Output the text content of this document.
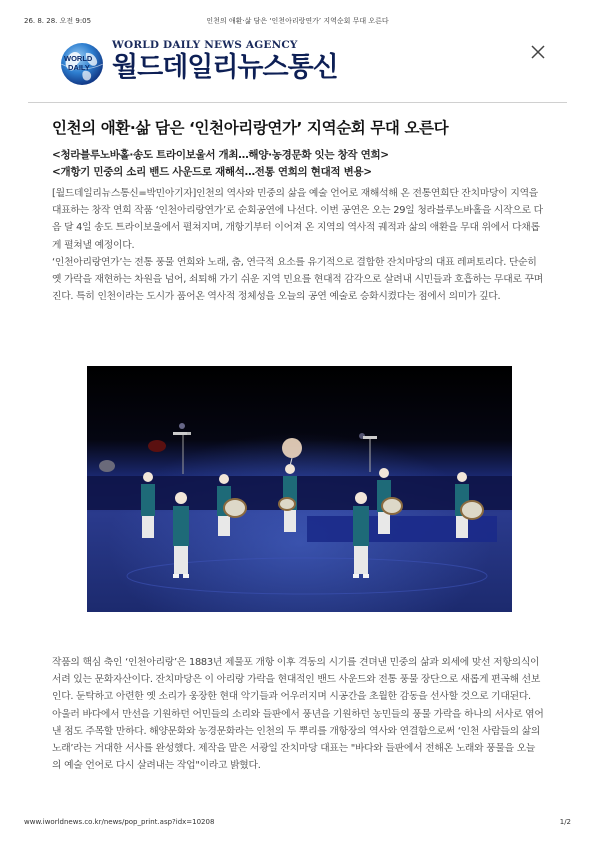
26. 8. 28. 오전 9:05	인천의 애환·삶 담은 ‘인천아리랑연가’ 지역순회 무대 오른다
WORLD
DAILY
WORLD DAILY NEWS AGENCY
월드데일리뉴스통신
인천의 애환·삶 담은 ‘인천아리랑연가’ 지역순회 무대 오른다
<청라블루노바홀·송도 트라이보울서 개최…해양·농경문화 잇는 창작 연희>
<개항기 민중의 소리 밴드 사운드로 재해석…전통 연희의 현대적 변용>
[월드데일리뉴스통신=박민아기자]인천의 역사와 민중의 삶을 예술 언어로 재해석해 온 전통연희단 잔치마당이 지역을 대표하는 창작 연희 작품 ‘인천아리랑연가’로 순회공연에 나선다. 이번 공연은 오는 29일 청라블루노바홀을 시작으로 다음 달 4일 송도 트라이보울에서 펼쳐지며, 개항기부터 이어져 온 지역의 역사적 궤적과 삶의 애환을 무대 위에서 다채롭게 펼쳐낼 예정이다.
‘인천아리랑연가’는 전통 풍물 연희와 노래, 춤, 연극적 요소를 유기적으로 결합한 잔치마당의 대표 레퍼토리다. 단순히 옛 가락을 재현하는 차원을 넘어, 쇠퇴해 가기 쉬운 지역 민요를 현대적 감각으로 살려내 시민들과 호흡하는 무대로 꾸며진다. 특히 인천이라는 도시가 품어온 역사적 정체성을 오늘의 공연 예술로 승화시켰다는 점에서 의미가 깊다.
작품의 핵심 축인 ‘인천아리랑’은 1883년 제물포 개항 이후 격동의 시기를 견뎌낸 민중의 삶과 외세에 맞선 저항의식이 서려 있는 문화자산이다. 잔치마당은 이 아리랑 가락을 현대적인 밴드 사운드와 전통 풍물 장단으로 새롭게 편곡해 선보인다. 둔탁하고 아련한 옛 소리가 웅장한 현대 악기들과 어우러지며 시공간을 초월한 감동을 선사할 것으로 기대된다.
아울러 바다에서 만선을 기원하던 어민들의 소리와 들판에서 풍년을 기원하던 농민들의 풍물 가락을 하나의 서사로 엮어낸 점도 주목할 만하다. 해양문화와 농경문화라는 인천의 두 뿌리를 개항장의 역사와 연결함으로써 ‘인천 사람들의 삶의 노래’라는 거대한 서사를 완성했다. 제작을 맡은 서광일 잔치마당 대표는 "바다와 들판에서 전해온 노래와 풍물을 오늘의 예술 언어로 다시 살려내는 작업"이라고 밝혔다.
www.iworldnews.co.kr/news/pop_print.asp?idx=10208	1/2
